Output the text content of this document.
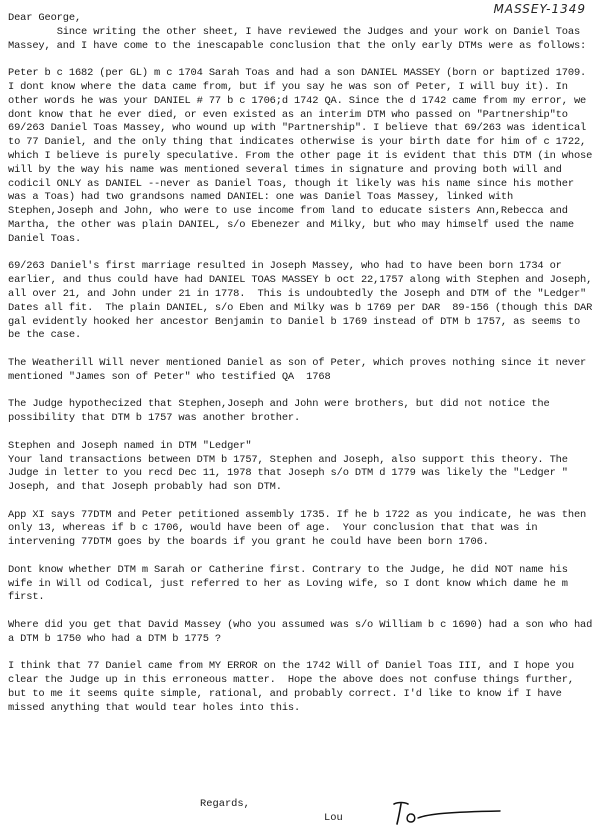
MASSEY-1349

Dear George,

Since writing the other sheet, I have reviewed the Judges and your work on Daniel Toas Massey, and I have come to the inescapable conclusion that the only early DTMs were as follows:

Peter b c 1682 (per GL) m c 1704 Sarah Toas and had a son DANIEL MASSEY (born or baptized 1709. I dont know where the data came from, but if you say he was son of Peter, I will buy it). In other words he was your DANIEL # 77 b c 1706;d 1742 QA. Since the d 1742 came from my error, we dont know that he ever died, or even existed as an interim DTM who passed on "Partnership"to 69/263 Daniel Toas Massey, who wound up with "Partnership". I believe that 69/263 was identical to 77 Daniel, and the only thing that indicates otherwise is your birth date for him of c 1722, which I believe is purely speculative. From the other page it is evident that this DTM (in whose will by the way his name was mentioned several times in signature and proving both will and codicil ONLY as DANIEL --never as Daniel Toas, though it likely was his name since his mother was a Toas) had two grandsons named DANIEL: one was Daniel Toas Massey, linked with Stephen,Joseph and John, who were to use income from land to educate sisters Ann,Rebecca and Martha, the other was plain DANIEL, s/o Ebenezer and Milky, but who may himself used the name Daniel Toas.

69/263 Daniel's first marriage resulted in Joseph Massey, who had to have been born 1734 or earlier, and thus could have had DANIEL TOAS MASSEY b oct 22,1757 along with Stephen and Joseph, all over 21, and John under 21 in 1778.  This is undoubtedly the Joseph and DTM of the "Ledger" Dates all fit.  The plain DANIEL, s/o Eben and Milky was b 1769 per DAR  89-156 (though this DAR gal evidently hooked her ancestor Benjamin to Daniel b 1769 instead of DTM b 1757, as seems to be the case.

The Weatherill Will never mentioned Daniel as son of Peter, which proves nothing since it never mentioned "James son of Peter" who testified QA  1768

The Judge hypothecized that Stephen,Joseph and John were brothers, but did not notice the possibility that DTM b 1757 was another brother.

Stephen and Joseph named in DTM "Ledger"
Your land transactions between DTM b 1757, Stephen and Joseph, also support this theory. The Judge in letter to you recd Dec 11, 1978 that Joseph s/o DTM d 1779 was likely the "Ledger " Joseph, and that Joseph probably had son DTM.

App XI says 77DTM and Peter petitioned assembly 1735. If he b 1722 as you indicate, he was then only 13, whereas if b c 1706, would have been of age.  Your conclusion that that was in intervening 77DTM goes by the boards if you grant he could have been born 1706.

Dont know whether DTM m Sarah or Catherine first. Contrary to the Judge, he did NOT name his wife in Will od Codical, just referred to her as Loving wife, so I dont know which dame he m first.

Where did you get that David Massey (who you assumed was s/o William b c 1690) had a son who had a DTM b 1750 who had a DTM b 1775 ?

I think that 77 Daniel came from MY ERROR on the 1742 Will of Daniel Toas III, and I hope you clear the Judge up in this erroneous matter.  Hope the above does not confuse things further, but to me it seems quite simple, rational, and probably correct. I'd like to know if I have missed anything that would tear holes into this.

Regards,
Lou
